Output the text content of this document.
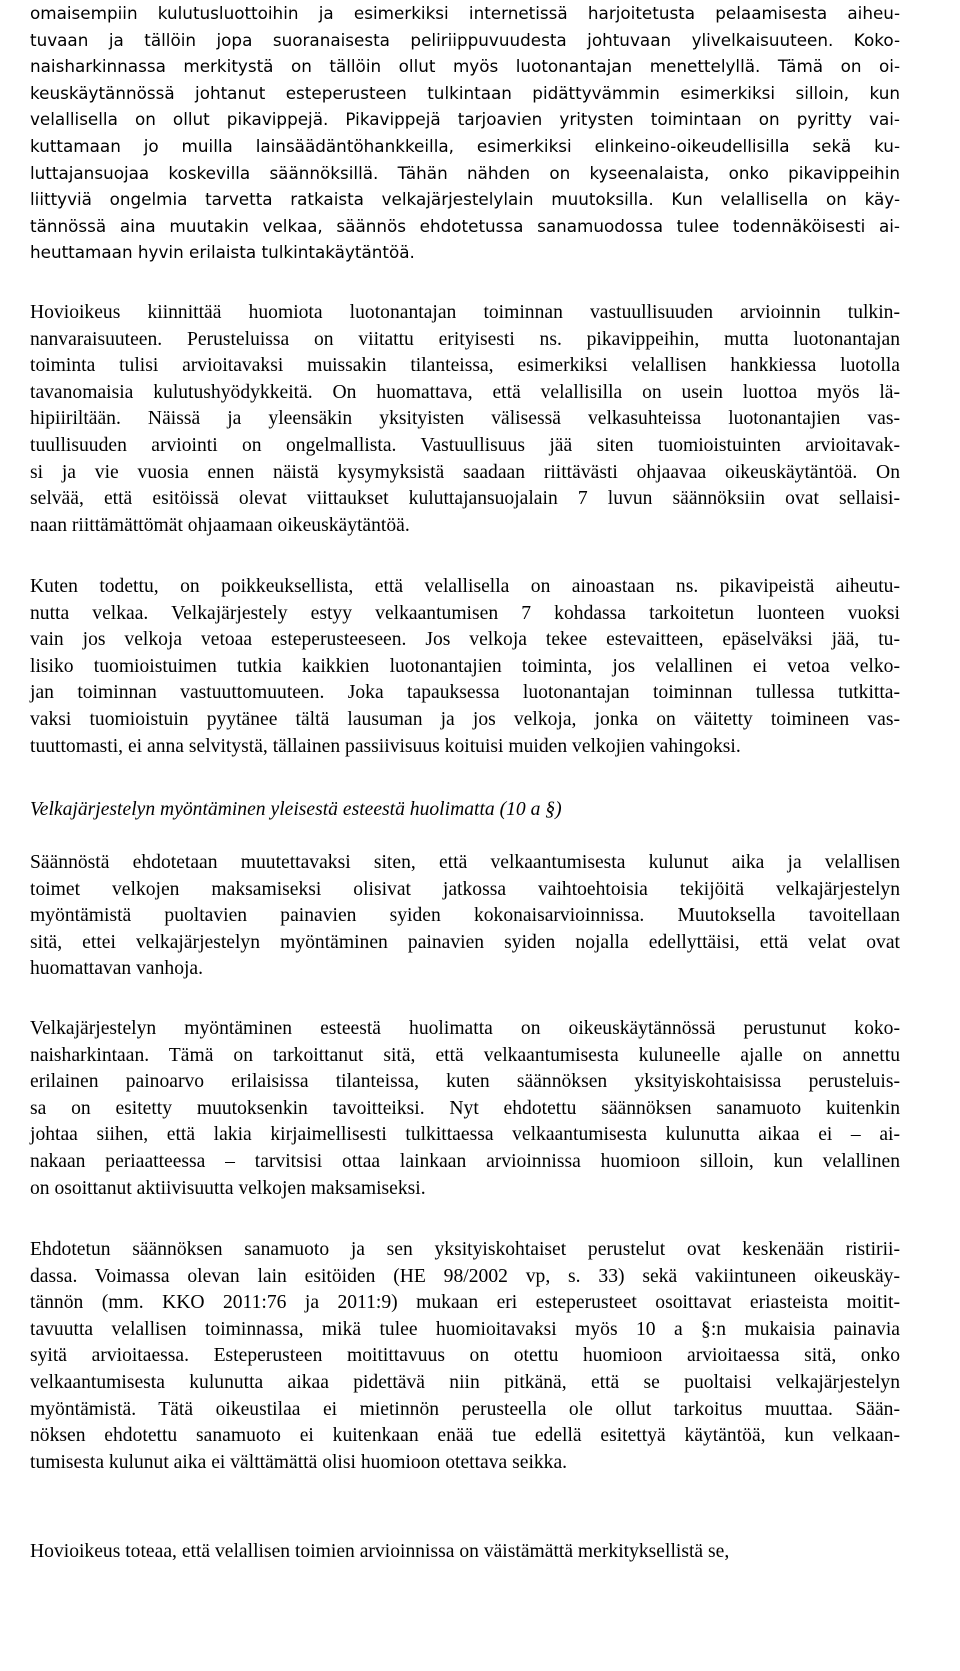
omaisempiin kulutusluottoihin ja esimerkiksi internetissä harjoitetusta pelaamisesta aiheu-
tuvaan ja tällöin jopa suoranaisesta peliriippuvuudesta johtuvaan ylivelkaisuuteen. Koko-
naisharkinnassa merkitystä on tällöin ollut myös luotonantajan menettelyllä. Tämä on oi-
keuskäytännössä johtanut esteperusteen tulkintaan pidättyvämmin esimerkiksi silloin, kun
velallisella on ollut pikavippejä. Pikavippejä tarjoavien yritysten toimintaan on pyritty vai-
kuttamaan jo muilla lainsäädäntöhankkeilla, esimerkiksi elinkeino-oikeudellisilla sekä ku-
luttajansuojaa koskevilla säännöksillä. Tähän nähden on kyseenalaista, onko pikavippeihin
liittyviä ongelmia tarvetta ratkaista velkajärjestelylain muutoksilla. Kun velallisella on käy-
tännössä aina muutakin velkaa, säännös ehdotetussa sanamuodossa tulee todennäköisesti ai-
heuttamaan hyvin erilaista tulkintakäytäntöä.
Hovioikeus kiinnittää huomiota luotonantajan toiminnan vastuullisuuden arvioinnin tulkin-
nanvaraisuuteen. Perusteluissa on viitattu erityisesti ns. pikavippeihin, mutta luotonantajan
toiminta tulisi arvioitavaksi muissakin tilanteissa, esimerkiksi velallisen hankkiessa luotolla
tavanomaisia kulutushyödykkeitä. On huomattava, että velallisilla on usein luottoa myös lä-
hipiiriltään. Näissä ja yleensäkin yksityisten välisessä velkasuhteissa luotonantajien vas-
tuullisuuden arviointi on ongelmallista. Vastuullisuus jää siten tuomioistuinten arvioitavak-
si ja vie vuosia ennen näistä kysymyksistä saadaan riittävästi ohjaavaa oikeuskäytäntöä. On
selvää, että esitöissä olevat viittaukset kuluttajansuojalain 7 luvun säännöksiin ovat sellaisi-
naan riittämättömät ohjaamaan oikeuskäytäntöä.
Kuten todettu, on poikkeuksellista, että velallisella on ainoastaan ns. pikavipeistä aiheutu-
nutta velkaa. Velkajärjestely estyy velkaantumisen 7 kohdassa tarkoitetun luonteen vuoksi
vain jos velkoja vetoaa esteperusteeseen. Jos velkoja tekee estevaitteen, epäselväksi jää, tu-
lisiko tuomioistuimen tutkia kaikkien luotonantajien toiminta, jos velallinen ei vetoa velko-
jan toiminnan vastuuttomuuteen. Joka tapauksessa luotonantajan toiminnan tullessa tutkitta-
vaksi tuomioistuin pyytänee tältä lausuman ja jos velkoja, jonka on väitetty toimineen vas-
tuuttomasti, ei anna selvitystä, tällainen passiivisuus koituisi muiden velkojien vahingoksi.
Velkajärjestelyn myöntäminen yleisestä esteestä huolimatta (10 a §)
Säännöstä ehdotetaan muutettavaksi siten, että velkaantumisesta kulunut aika ja velallisen
toimet velkojen maksamiseksi olisivat jatkossa vaihtoehtoisia tekijöitä velkajärjestelyn
myöntämistä puoltavien painavien syiden kokonaisarvioinnissa. Muutoksella tavoitellaan
sitä, ettei velkajärjestelyn myöntäminen painavien syiden nojalla edellyttäisi, että velat ovat
huomattavan vanhoja.
Velkajärjestelyn myöntäminen esteestä huolimatta on oikeuskäytännössä perustunut koko-
naisharkintaan. Tämä on tarkoittanut sitä, että velkaantumisesta kuluneelle ajalle on annettu
erilainen painoarvo erilaisissa tilanteissa, kuten säännöksen yksityiskohtaisissa perusteluis-
sa on esitetty muutoksenkin tavoitteiksi. Nyt ehdotettu säännöksen sanamuoto kuitenkin
johtaa siihen, että lakia kirjaimellisesti tulkittaessa velkaantumisesta kulunutta aikaa ei – ai-
nakaan periaatteessa – tarvitsisi ottaa lainkaan arvioinnissa huomioon silloin, kun velallinen
on osoittanut aktiivisuutta velkojen maksamiseksi.
Ehdotetun säännöksen sanamuoto ja sen yksityiskohtaiset perustelut ovat keskenään ristirii-
dassa. Voimassa olevan lain esitöiden (HE 98/2002 vp, s. 33) sekä vakiintuneen oikeuskäy-
tännön (mm. KKO 2011:76 ja 2011:9) mukaan eri esteperusteet osoittavat eriasteista moitit-
tavuutta velallisen toiminnassa, mikä tulee huomioitavaksi myös 10 a §:n mukaisia painavia
syitä arvioitaessa. Esteperusteen moitittavuus on otettu huomioon arvioitaessa sitä, onko
velkaantumisesta kulunutta aikaa pidettävä niin pitkänä, että se puoltaisi velkajärjestelyn
myöntämistä. Tätä oikeustilaa ei mietinnön perusteella ole ollut tarkoitus muuttaa. Sään-
nöksen ehdotettu sanamuoto ei kuitenkaan enää tue edellä esitettyä käytäntöä, kun velkaan-
tumisesta kulunut aika ei välttämättä olisi huomioon otettava seikka.
Hovioikeus toteaa, että velallisen toimien arvioinnissa on väistämättä merkityksellistä se,
